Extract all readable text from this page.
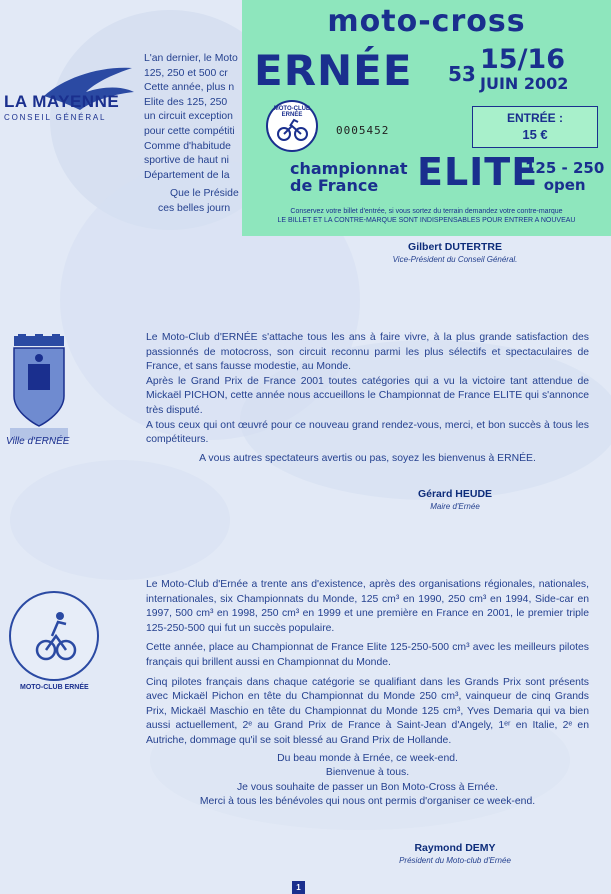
moto-cross
ERNÉE 53 15/16
JUIN 2002
MOTO-CLUB ERNÉE
0005452
ENTRÉE :
15 €
championnat
de France	ELITE
125 - 250
open
Conservez votre billet d'entrée, si vous sortez du terrain demandez votre contre-marque
LE BILLET ET LA CONTRE-MARQUE SONT INDISPENSABLES POUR ENTRER A NOUVEAU
LA MAYENNE
CONSEIL GÉNÉRAL

L'an dernier, le Moto

125, 250 et 500 cr

Cette année, plus n

Elite des 125, 250

un circuit exception

pour cette compétiti

Comme d'habitude

sportive de haut ni

Département de la

Que le Préside

ces belles journ

Gilbert DUTERTRE
Vice-Président du Conseil Général.
Ville d'ERNÉE

Le Moto-Club d'ERNÉE s'attache tous les ans à faire vivre, à la plus grande satisfaction des passionnés de motocross, son circuit reconnu parmi les plus sélectifs et spectaculaires de France, et sans fausse modestie, au Monde.

Après le Grand Prix de France 2001 toutes catégories qui a vu la victoire tant attendue de Mickaël PICHON, cette année nous accueillons le Championnat de France ELITE qui s'annonce très disputé.

A tous ceux qui ont œuvré pour ce nouveau grand rendez-vous, merci, et bon succès à tous les compétiteurs.

A vous autres spectateurs avertis ou pas, soyez les bienvenus à ERNÉE.

Gérard HEUDE
Maire d'Ernée
MOTO-CLUB ERNÉE

Le Moto-Club d'Ernée a trente ans d'existence, après des organisations régionales, nationales, internationales, six Championnats du Monde, 125 cm³ en 1990, 250 cm³ en 1994, Side-car en 1997, 500 cm³ en 1998, 250 cm³ en 1999 et une première en France en 2001, le premier triple 125-250-500 qui fut un succès populaire.

Cette année, place au Championnat de France Elite 125-250-500 cm³ avec les meilleurs pilotes français qui brillent aussi en Championnat du Monde.

Cinq pilotes français dans chaque catégorie se qualifiant dans les Grands Prix sont présents avec Mickaël Pichon en tête du Championnat du Monde 250 cm³, vainqueur de cinq Grands Prix, Mickaël Maschio en tête du Championnat du Monde 125 cm³, Yves Demaria qui va bien aussi actuellement, 2ᵉ au Grand Prix de France à Saint-Jean d'Angely, 1ᵉʳ en Italie, 2ᵉ en Autriche, dommage qu'il se soit blessé au Grand Prix de Hollande.

Du beau monde à Ernée, ce week-end.

Bienvenue à tous.

Je vous souhaite de passer un Bon Moto-Cross à Ernée.

Merci à tous les bénévoles qui nous ont permis d'organiser ce week-end.

Raymond DEMY
Président du Moto-club d'Ernée
1
